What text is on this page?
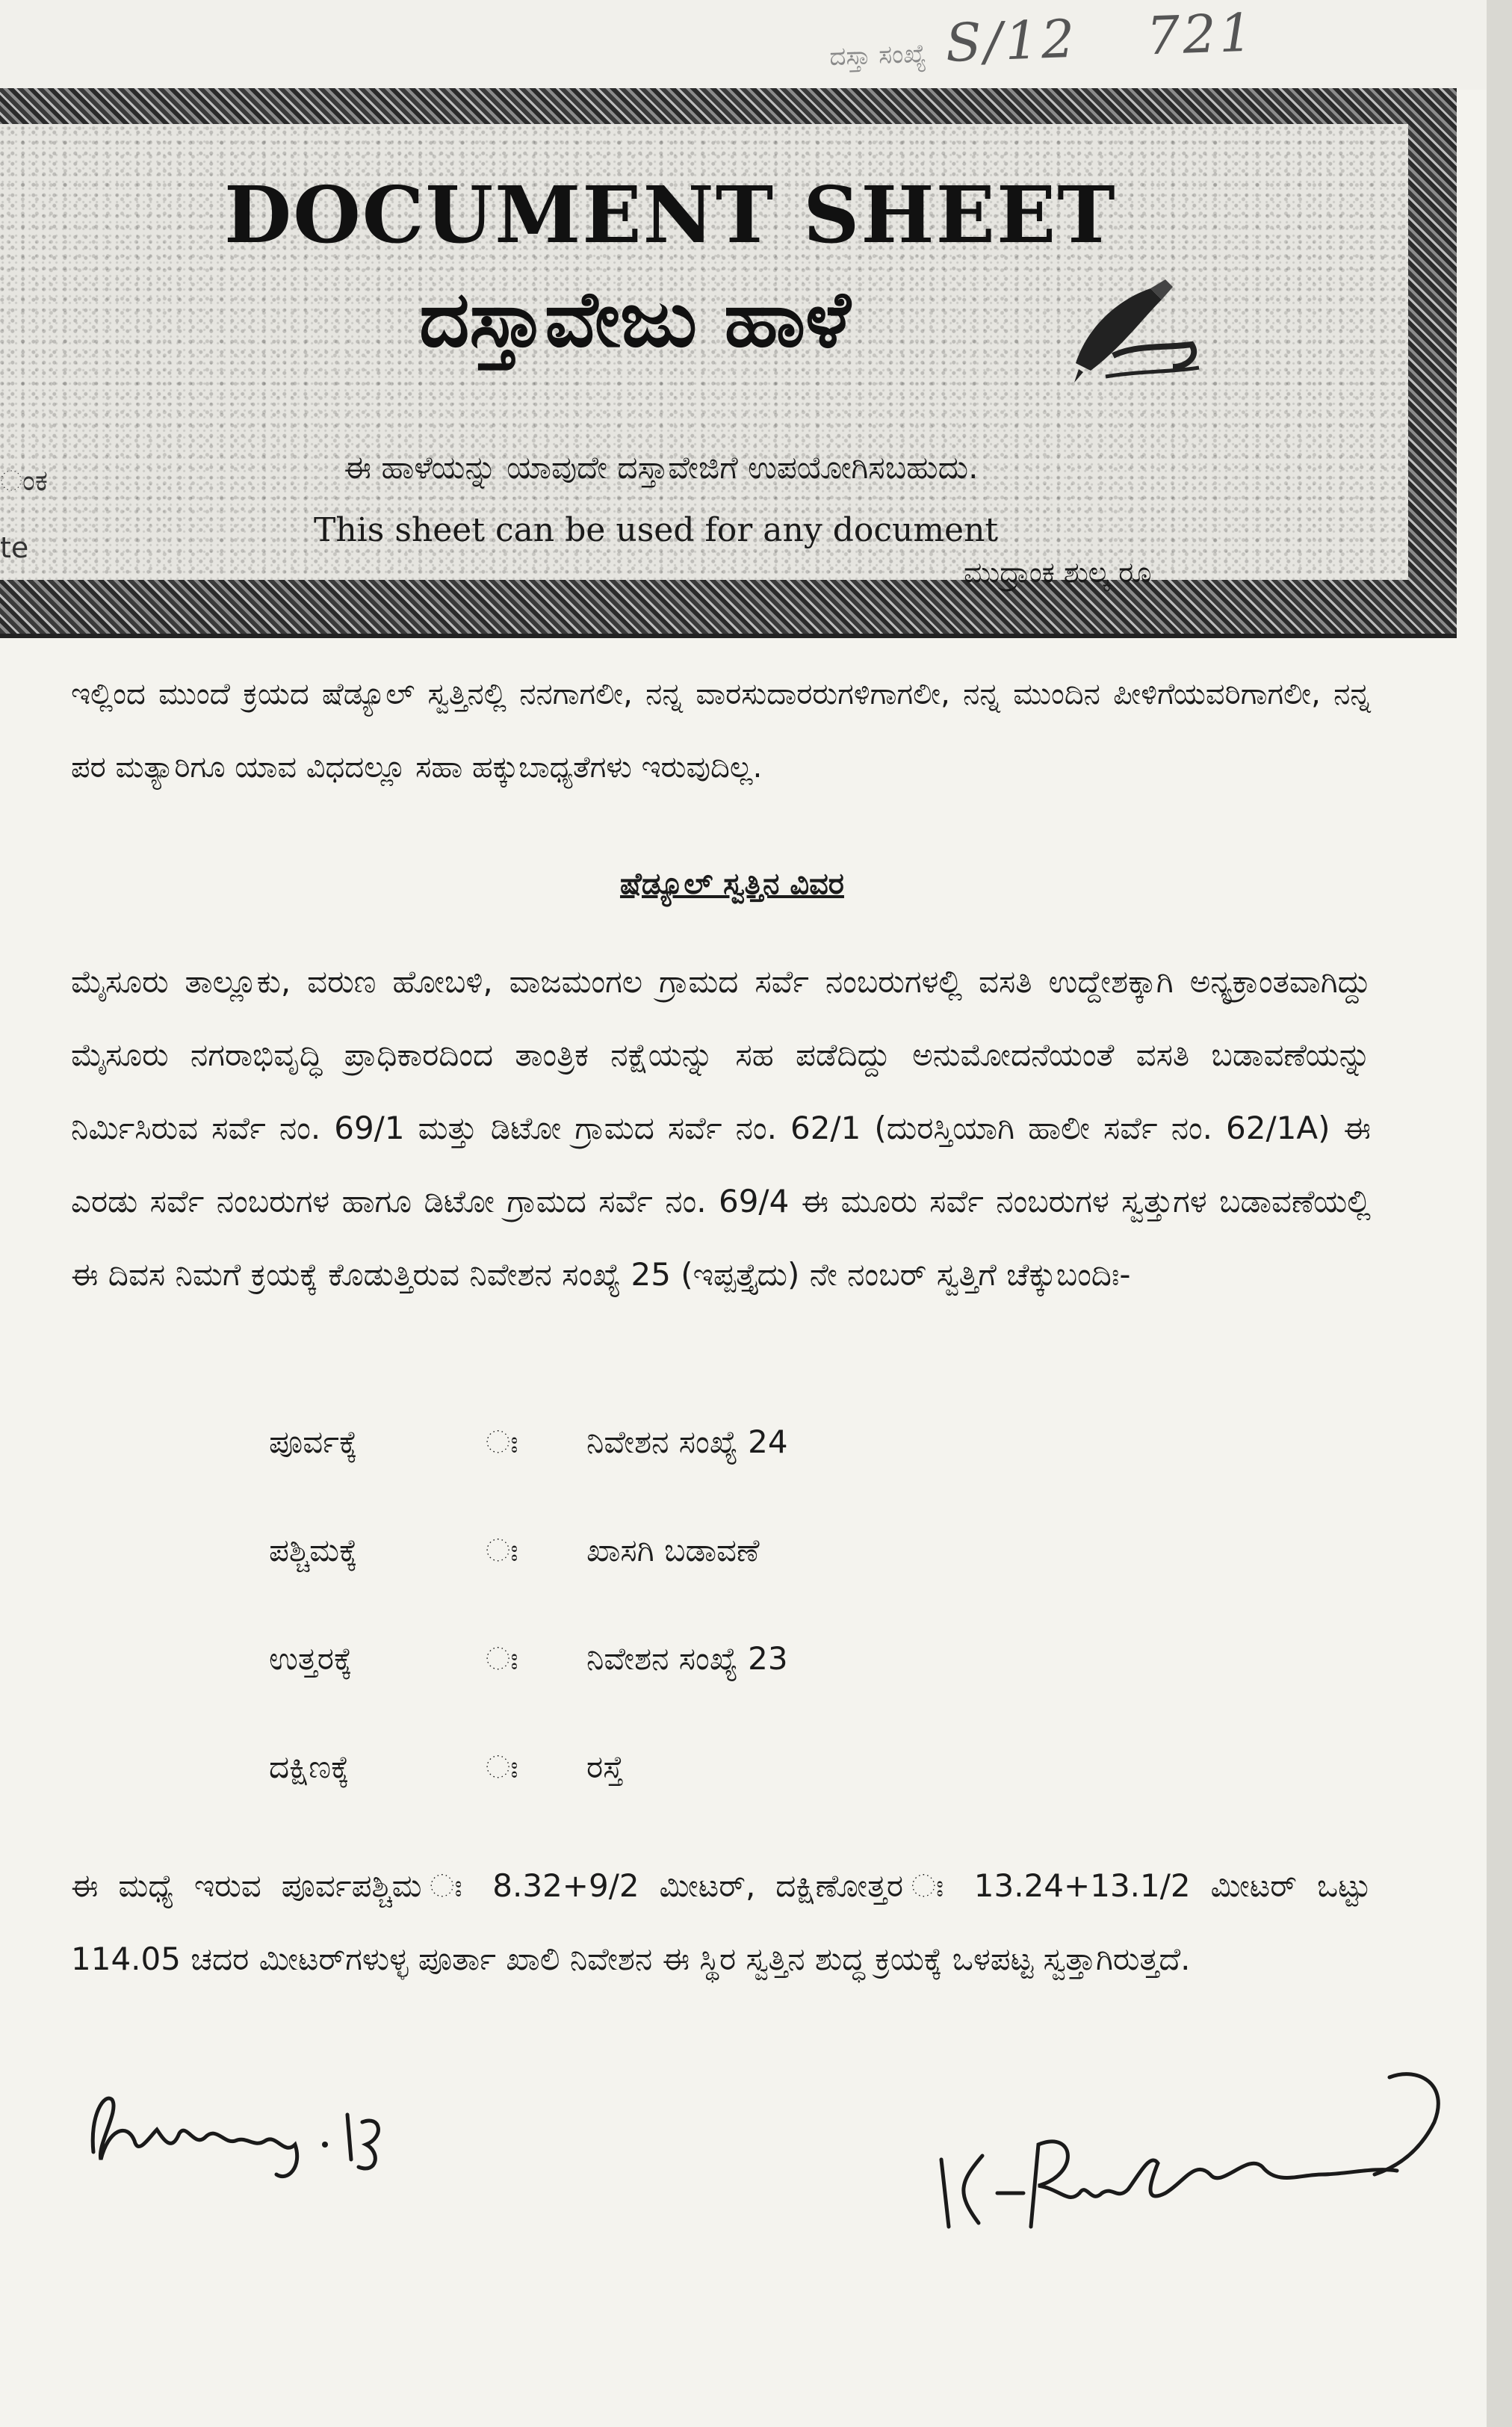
ದಸ್ತಾ ಸಂಖ್ಯೆ S/12 721
DOCUMENT SHEET
ದಸ್ತಾವೇಜು ಹಾಳೆ
ಈ ಹಾಳೆಯನ್ನು ಯಾವುದೇ ದಸ್ತಾವೇಜಿಗೆ ಉಪಯೋಗಿಸಬಹುದು.
This sheet can be used for any document
ಮುದ್ರಾಂಕ ಶುಲ್ಕ ರೂ
ಂಕ
te
ಇಲ್ಲಿಂದ ಮುಂದೆ ಕ್ರಯದ ಷೆಡ್ಯೂಲ್ ಸ್ವತ್ತಿನಲ್ಲಿ ನನಗಾಗಲೀ, ನನ್ನ ವಾರಸುದಾರರುಗಳಿಗಾಗಲೀ, ನನ್ನ ಮುಂದಿನ ಪೀಳಿಗೆಯವರಿಗಾಗಲೀ, ನನ್ನ ಪರ ಮತ್ಯಾರಿಗೂ ಯಾವ ವಿಧದಲ್ಲೂ ಸಹಾ ಹಕ್ಕುಬಾಧ್ಯತೆಗಳು ಇರುವುದಿಲ್ಲ.
ಷೆಡ್ಯೂಲ್ ಸ್ವತ್ತಿನ ವಿವರ
ಮೈಸೂರು ತಾಲ್ಲೂಕು, ವರುಣ ಹೋಬಳಿ, ವಾಜಮಂಗಲ ಗ್ರಾಮದ ಸರ್ವೆ ನಂಬರುಗಳಲ್ಲಿ ವಸತಿ ಉದ್ದೇಶಕ್ಕಾಗಿ ಅನ್ಯಕ್ರಾಂತವಾಗಿದ್ದು ಮೈಸೂರು ನಗರಾಭಿವೃದ್ಧಿ ಪ್ರಾಧಿಕಾರದಿಂದ ತಾಂತ್ರಿಕ ನಕ್ಷೆಯನ್ನು ಸಹ ಪಡೆದಿದ್ದು ಅನುಮೋದನೆಯಂತೆ ವಸತಿ ಬಡಾವಣೆಯನ್ನು ನಿರ್ಮಿಸಿರುವ ಸರ್ವೆ ನಂ. 69/1 ಮತ್ತು ಡಿಟೋ ಗ್ರಾಮದ ಸರ್ವೆ ನಂ. 62/1 (ದುರಸ್ತಿಯಾಗಿ ಹಾಲೀ ಸರ್ವೆ ನಂ. 62/1A) ಈ ಎರಡು ಸರ್ವೆ ನಂಬರುಗಳ ಹಾಗೂ ಡಿಟೋ ಗ್ರಾಮದ ಸರ್ವೆ ನಂ. 69/4 ಈ ಮೂರು ಸರ್ವೆ ನಂಬರುಗಳ ಸ್ವತ್ತುಗಳ ಬಡಾವಣೆಯಲ್ಲಿ ಈ ದಿವಸ ನಿಮಗೆ ಕ್ರಯಕ್ಕೆ ಕೊಡುತ್ತಿರುವ ನಿವೇಶನ ಸಂಖ್ಯೆ 25 (ಇಪ್ಪತ್ತೈದು) ನೇ ನಂಬರ್ ಸ್ವತ್ತಿಗೆ ಚೆಕ್ಕುಬಂದಿಃ-
ಪೂರ್ವಕ್ಕೆ	ಃ ನಿವೇಶನ ಸಂಖ್ಯೆ 24
ಪಶ್ಚಿಮಕ್ಕೆ	ಃ ಖಾಸಗಿ ಬಡಾವಣೆ
ಉತ್ತರಕ್ಕೆ	ಃ ನಿವೇಶನ ಸಂಖ್ಯೆ 23
ದಕ್ಷಿಣಕ್ಕೆ	ಃ ರಸ್ತೆ
ಈ ಮಧ್ಯೆ ಇರುವ ಪೂರ್ವಪಶ್ಚಿಮ ಃ 8.32+9/2 ಮೀಟರ್, ದಕ್ಷಿಣೋತ್ತರ ಃ 13.24+13.1/2 ಮೀಟರ್ ಒಟ್ಟು 114.05 ಚದರ ಮೀಟರ್‌ಗಳುಳ್ಳ ಪೂರ್ತಾ ಖಾಲಿ ನಿವೇಶನ ಈ ಸ್ಥಿರ ಸ್ವತ್ತಿನ ಶುದ್ಧ ಕ್ರಯಕ್ಕೆ ಒಳಪಟ್ಟ ಸ್ವತ್ತಾಗಿರುತ್ತದೆ.
